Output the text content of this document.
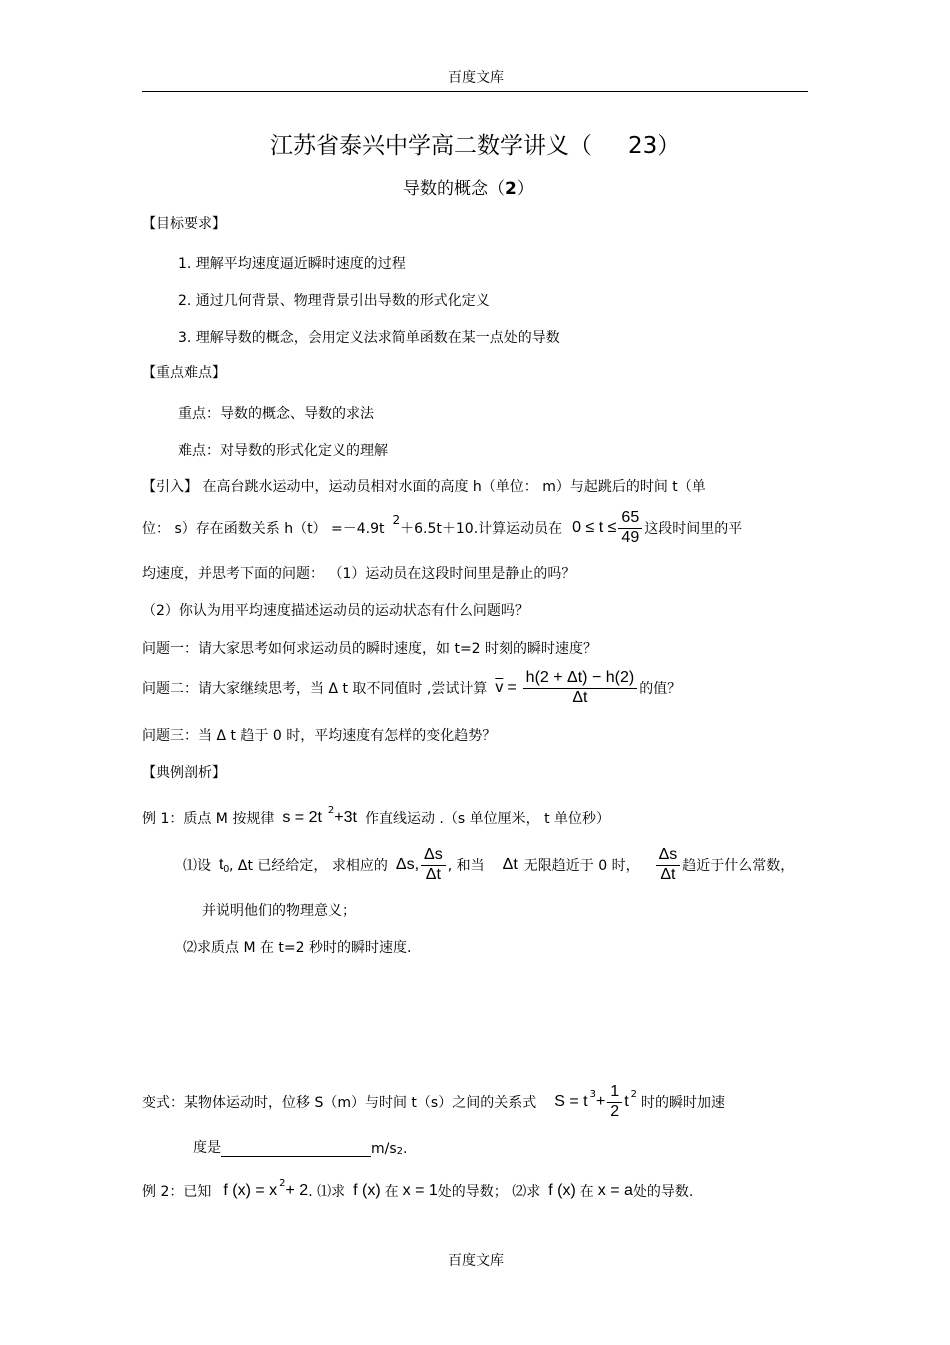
百度文库
江苏省泰兴中学高二数学讲义（ 23）
导数的概念（2）
【目标要求】
1. 理解平均速度逼近瞬时速度的过程
2. 通过几何背景、物理背景引出导数的形式化定义
3. 理解导数的概念，会用定义法求简单函数在某一点处的导数
【重点难点】
重点：导数的概念、导数的求法
难点：对导数的形式化定义的理解
【引入】 在高台跳水运动中，运动员相对水面的高度 h（单位： m）与起跳后的时间 t（单
位： s）存在函数关系 h（t） =－4.9t
2
＋6.5t＋10.计算运动员在 $0 \le t \le \frac{65}{49}$ 这段时间里的平
均速度，并思考下面的问题： （1）运动员在这段时间里是静止的吗？
（2）你认为用平均速度描述运动员的运动状态有什么问题吗？
问题一：请大家思考如何求运动员的瞬时速度，如 t=2 时刻的瞬时速度？
问题二：请大家继续思考，当 Δ t 取不同值时 ,尝试计算 $\overline{v} = \frac{h(2 + \Delta t) - h(2)}{\Delta t}$ 的值？
问题三：当 Δ t 趋于 0 时，平均速度有怎样的变化趋势？
【典例剖析】
例 1：质点 M 按规律 s = 2t 2 +3t 作直线运动 .（s 单位厘米， t 单位秒）
⑴设 $t_0$ , Δt 已经给定， 求相应的 Δs, $\frac{\Delta s}{\Delta t}$ , 和当 Δt 无限趋近于 0 时， $\frac{\Delta s}{\Delta t}$ 趋近于什么常数，
并说明他们的物理意义；
⑵求质点 M 在 t=2 秒时的瞬时速度.
变式：某物体运动时，位移 S（m）与时间 t（s）之间的关系式 S = t $3 + \frac{1}{2}$ t 2
时的瞬时加速
度是	m/s 2 .
例 2：已知 f (x) = x 2 + 2 . ⑴求 f (x) 在 x = 1 处的导数； ⑵求 f (x) 在 x = a 处的导数.
百度文库
